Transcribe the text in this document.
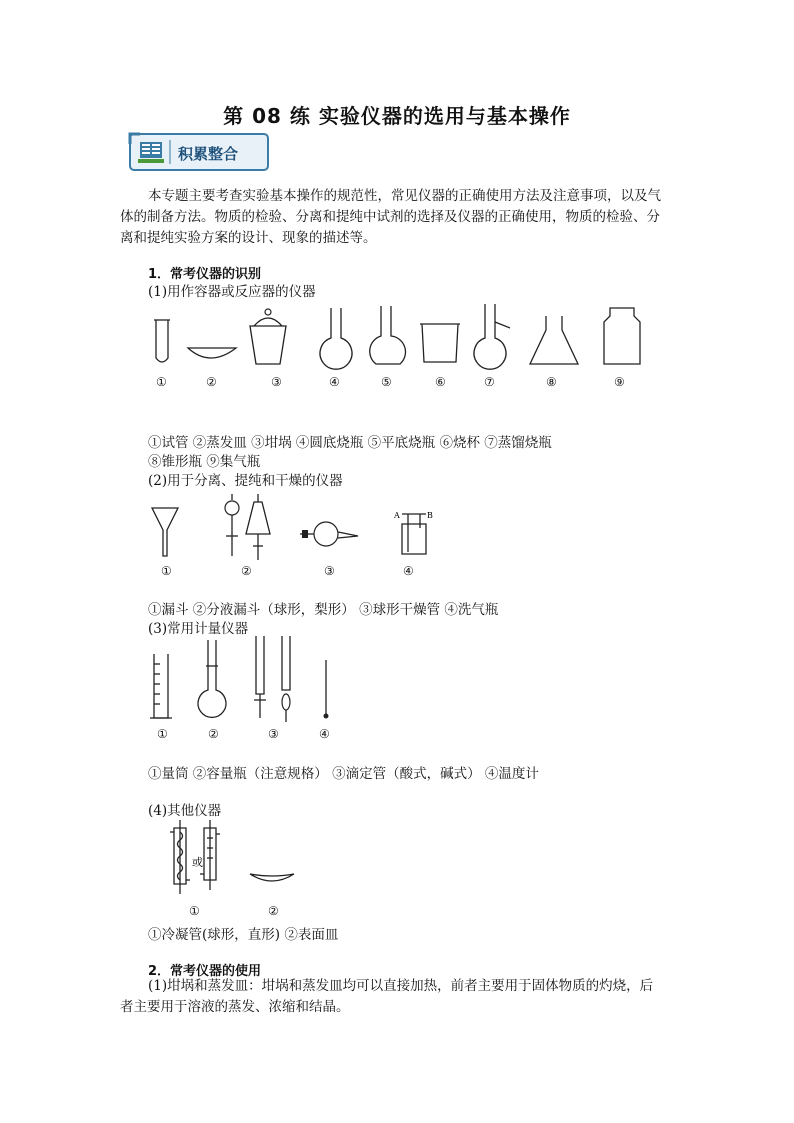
第 08 练 实验仪器的选用与基本操作
积累整合
本专题主要考查实验基本操作的规范性，常见仪器的正确使用方法及注意事项，以及气
体的制备方法。物质的检验、分离和提纯中试剂的选择及仪器的正确使用，物质的检验、分
离和提纯实验方案的设计、现象的描述等。
1．常考仪器的识别
(1)用作容器或反应器的仪器
①	②	③	④	⑤	⑥	⑦	⑧	⑨
①试管 ②蒸发皿 ③坩埚 ④圆底烧瓶 ⑤平底烧瓶 ⑥烧杯 ⑦蒸馏烧瓶
⑧锥形瓶 ⑨集气瓶
(2)用于分离、提纯和干燥的仪器
A	B
①	②	③	④
①漏斗 ②分液漏斗（球形，梨形） ③球形干燥管 ④洗气瓶
(3)常用计量仪器
①	②	③	④
①量筒 ②容量瓶（注意规格） ③滴定管（酸式，碱式） ④温度计
(4)其他仪器
或
①	②
①冷凝管(球形，直形) ②表面皿
2．常考仪器的使用
(1)坩埚和蒸发皿：坩埚和蒸发皿均可以直接加热，前者主要用于固体物质的灼烧，后
者主要用于溶液的蒸发、浓缩和结晶。
